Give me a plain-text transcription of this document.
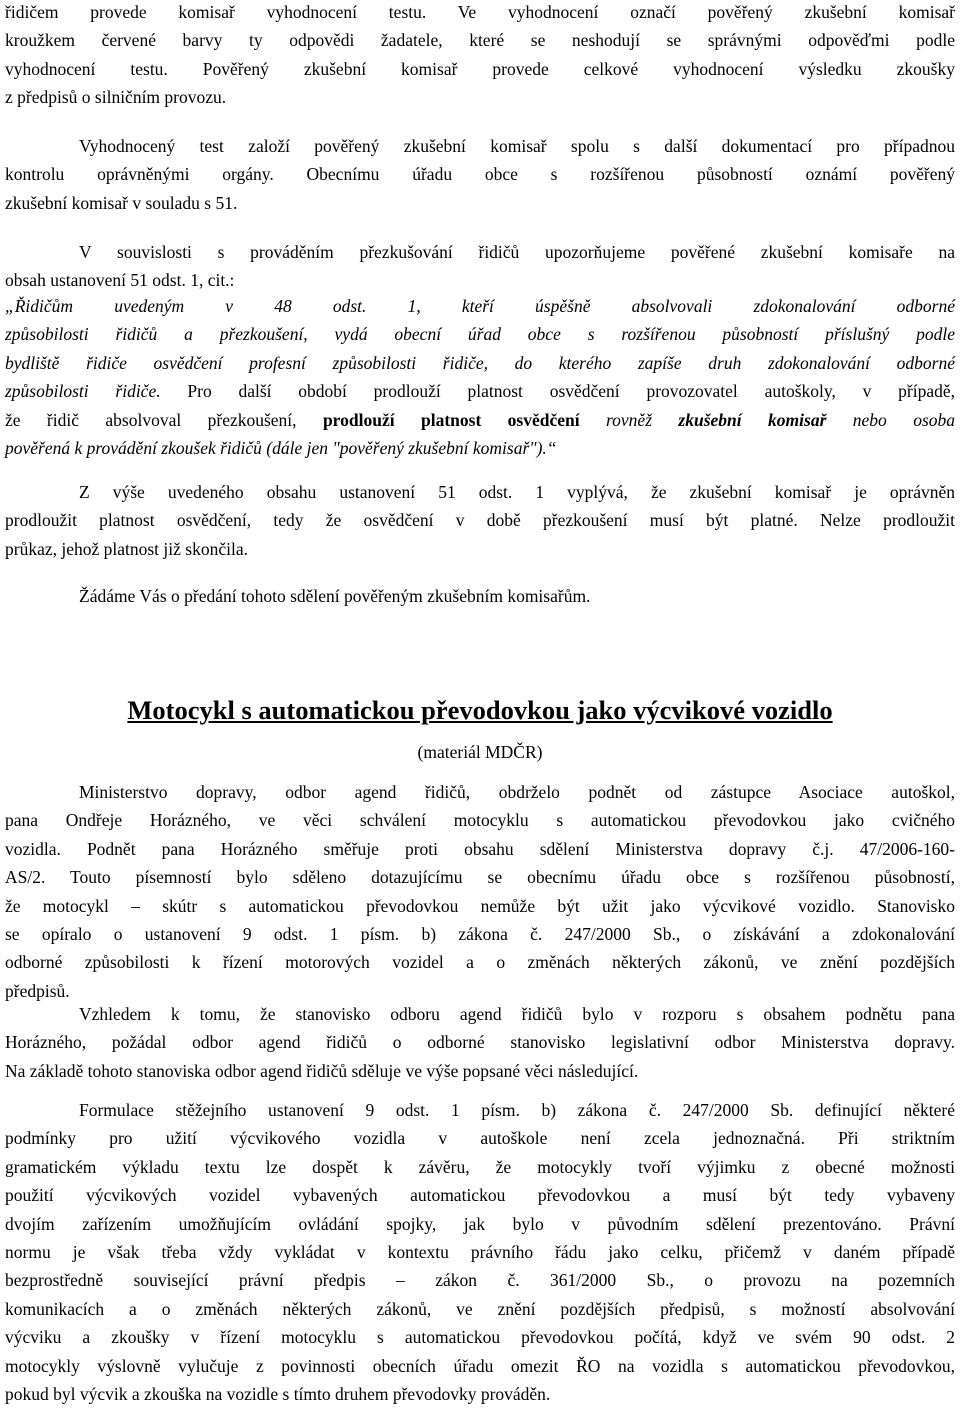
řidičem provede komisař vyhodnocení testu. Ve vyhodnocení označí pověřený zkušební komisař
kroužkem červené barvy ty odpovědi žadatele, které se neshodují se správnými odpověďmi podle
vyhodnocení testu. Pověřený zkušební komisař provede celkové vyhodnocení výsledku zkoušky
z předpisů o silničním provozu.
Vyhodnocený test založí pověřený zkušební komisař spolu s další dokumentací pro případnou
kontrolu oprávněnými orgány. Obecnímu úřadu obce s rozšířenou působností oznámí pověřený
zkušební komisař v souladu s 51.
V souvislosti s prováděním přezkušování řidičů upozorňujeme pověřené zkušební komisaře na
obsah ustanovení 51 odst. 1, cit.:
„Řidičům uvedeným v 48 odst. 1, kteří úspěšně absolvovali zdokonalování odborné
způsobilosti řidičů a přezkoušení, vydá obecní úřad obce s rozšířenou působností příslušný podle
bydliště řidiče osvědčení profesní způsobilosti řidiče, do kterého zapíše druh zdokonalování odborné
způsobilosti řidiče. Pro další období prodlouží platnost osvědčení provozovatel autoškoly, v případě,
že řidič absolvoval přezkoušení, prodlouží platnost osvědčení rovněž zkušební komisař nebo osoba
pověřená k provádění zkoušek řidičů (dále jen "pověřený zkušební komisař").“
Z výše uvedeného obsahu ustanovení 51 odst. 1 vyplývá, že zkušební komisař je oprávněn
prodloužit platnost osvědčení, tedy že osvědčení v době přezkoušení musí být platné. Nelze prodloužit
průkaz, jehož platnost již skončila.
Žádáme Vás o předání tohoto sdělení pověřeným zkušebním komisařům.
Motocykl s automatickou převodovkou jako výcvikové vozidlo
(materiál MDČR)
Ministerstvo dopravy, odbor agend řidičů, obdrželo podnět od zástupce Asociace autoškol,
pana Ondřeje Horázného, ve věci schválení motocyklu s automatickou převodovkou jako cvičného
vozidla. Podnět pana Horázného směřuje proti obsahu sdělení Ministerstva dopravy č.j. 47/2006-160-
AS/2. Touto písemností bylo sděleno dotazujícímu se obecnímu úřadu obce s rozšířenou působností,
že motocykl – skútr s automatickou převodovkou nemůže být užit jako výcvikové vozidlo. Stanovisko
se opíralo o ustanovení 9 odst. 1 písm. b) zákona č. 247/2000 Sb., o získávání a zdokonalování
odborné způsobilosti k řízení motorových vozidel a o změnách některých zákonů, ve znění pozdějších
předpisů.
Vzhledem k tomu, že stanovisko odboru agend řidičů bylo v rozporu s obsahem podnětu pana
Horázného, požádal odbor agend řidičů o odborné stanovisko legislativní odbor Ministerstva dopravy.
Na základě tohoto stanoviska odbor agend řidičů sděluje ve výše popsané věci následující.
Formulace stěžejního ustanovení 9 odst. 1 písm. b) zákona č. 247/2000 Sb. definující některé
podmínky pro užití výcvikového vozidla v autoškole není zcela jednoznačná. Při striktním
gramatickém výkladu textu lze dospět k závěru, že motocykly tvoří výjimku z obecné možnosti
použití výcvikových vozidel vybavených automatickou převodovkou a musí být tedy vybaveny
dvojím zařízením umožňujícím ovládání spojky, jak bylo v původním sdělení prezentováno. Právní
normu je však třeba vždy vykládat v kontextu právního řádu jako celku, přičemž v daném případě
bezprostředně související právní předpis – zákon č. 361/2000 Sb., o provozu na pozemních
komunikacích a o změnách některých zákonů, ve znění pozdějších předpisů, s možností absolvování
výcviku a zkoušky v řízení motocyklu s automatickou převodovkou počítá, když ve svém 90 odst. 2
motocykly výslovně vylučuje z povinnosti obecních úřadu omezit ŘO na vozidla s automatickou převodovkou,
pokud byl výcvik a zkouška na vozidle s tímto druhem převodovky prováděn.
